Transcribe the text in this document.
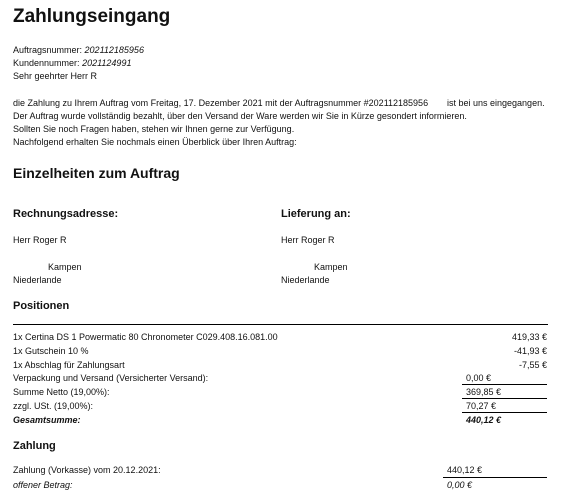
Zahlungseingang
Auftragsnummer: 202112185956
Kundennummer: 2021124991
Sehr geehrter Herr R
die Zahlung zu Ihrem Auftrag vom Freitag, 17. Dezember 2021 mit der Auftragsnummer #202112185956 ist bei uns eingegangen.
Der Auftrag wurde vollständig bezahlt, über den Versand der Ware werden wir Sie in Kürze gesondert informieren.
Sollten Sie noch Fragen haben, stehen wir Ihnen gerne zur Verfügung.
Nachfolgend erhalten Sie nochmals einen Überblick über Ihren Auftrag:
Einzelheiten zum Auftrag
Rechnungsadresse:
Herr Roger R
Kampen
Niederlande
Lieferung an:
Herr Roger R
Kampen
Niederlande
Positionen
1x Certina DS 1 Powermatic 80 Chronometer C029.408.16.081.00	419,33 €
1x Gutschein 10 %	-41,93 €
1x Abschlag für Zahlungsart	-7,55 €
Verpackung und Versand (Versicherter Versand):	0,00 €
Summe Netto (19,00%):	369,85 €
zzgl. USt. (19,00%):	70,27 €
Gesamtsumme:	440,12 €
Zahlung
Zahlung (Vorkasse) vom 20.12.2021:	440,12 €
offener Betrag:	0,00 €
